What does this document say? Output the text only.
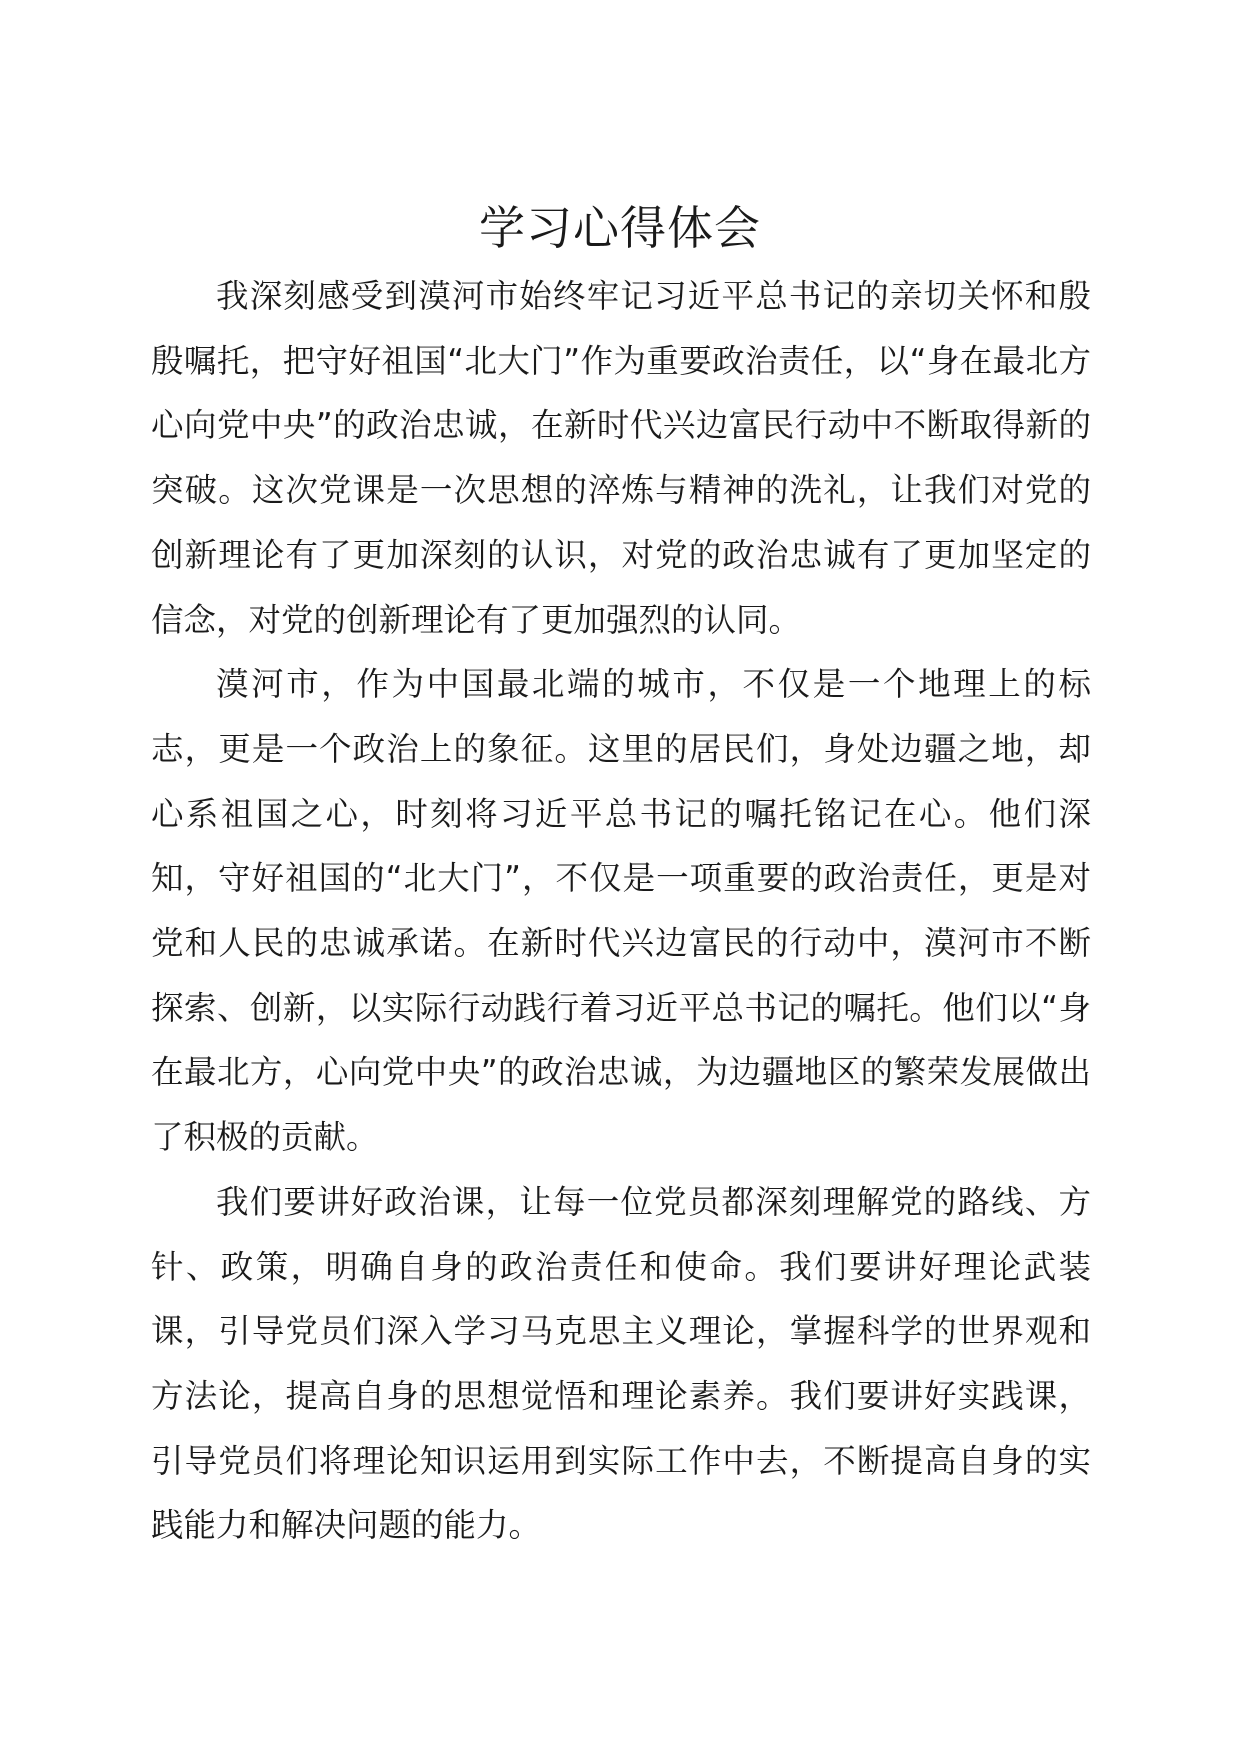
学习心得体会

我深刻感受到漠河市始终牢记习近平总书记的亲切关怀和殷殷嘱托，把守好祖国“北大门”作为重要政治责任，以“身在最北方心向党中央”的政治忠诚，在新时代兴边富民行动中不断取得新的突破。这次党课是一次思想的淬炼与精神的洗礼，让我们对党的创新理论有了更加深刻的认识，对党的政治忠诚有了更加坚定的信念，对党的创新理论有了更加强烈的认同。

漠河市，作为中国最北端的城市，不仅是一个地理上的标志，更是一个政治上的象征。这里的居民们，身处边疆之地，却心系祖国之心，时刻将习近平总书记的嘱托铭记在心。他们深知，守好祖国的“北大门”，不仅是一项重要的政治责任，更是对党和人民的忠诚承诺。在新时代兴边富民的行动中，漠河市不断探索、创新，以实际行动践行着习近平总书记的嘱托。他们以“身在最北方，心向党中央”的政治忠诚，为边疆地区的繁荣发展做出了积极的贡献。

我们要讲好政治课，让每一位党员都深刻理解党的路线、方针、政策，明确自身的政治责任和使命。我们要讲好理论武装课，引导党员们深入学习马克思主义理论，掌握科学的世界观和方法论，提高自身的思想觉悟和理论素养。我们要讲好实践课，引导党员们将理论知识运用到实际工作中去，不断提高自身的实践能力和解决问题的能力。
